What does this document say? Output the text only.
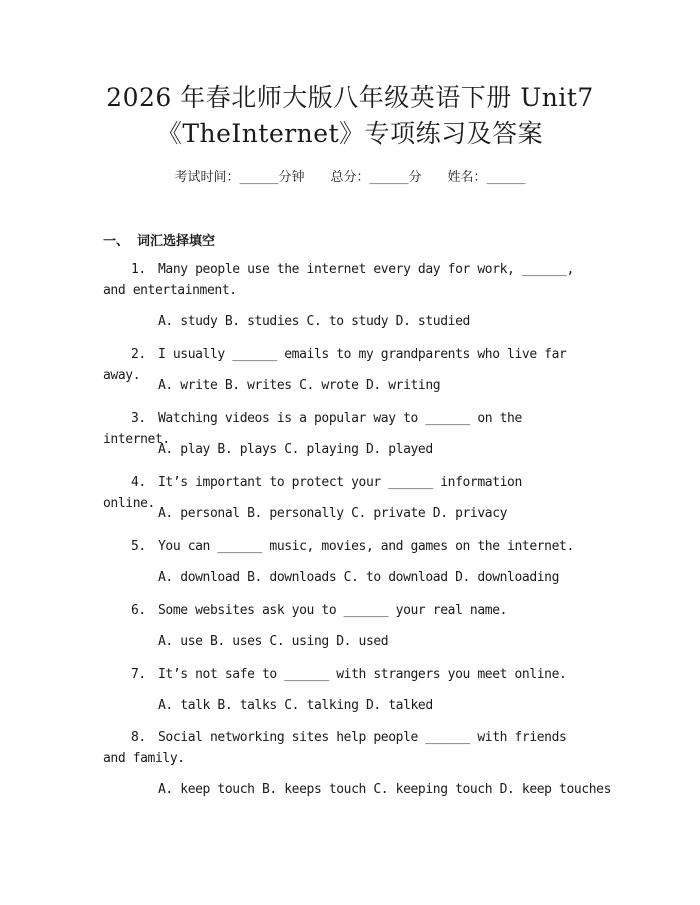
2026 年春北师大版八年级英语下册 Unit7
《TheInternet》专项练习及答案
考试时间：______分钟 总分：______分 姓名：______
一、 词汇选择填空
1. Many people use the internet every day for work, ______, and entertainment.
A. study B. studies C. to study D. studied
2. I usually ______ emails to my grandparents who live far away.
A. write B. writes C. wrote D. writing
3. Watching videos is a popular way to ______ on the internet.
A. play B. plays C. playing D. played
4. It’s important to protect your ______ information online.
A. personal B. personally C. private D. privacy
5. You can ______ music, movies, and games on the internet.
A. download B. downloads C. to download D. downloading
6. Some websites ask you to ______ your real name.
A. use B. uses C. using D. used
7. It’s not safe to ______ with strangers you meet online.
A. talk B. talks C. talking D. talked
8. Social networking sites help people ______ with friends and family.
A. keep touch B. keeps touch C. keeping touch D. keep touches
